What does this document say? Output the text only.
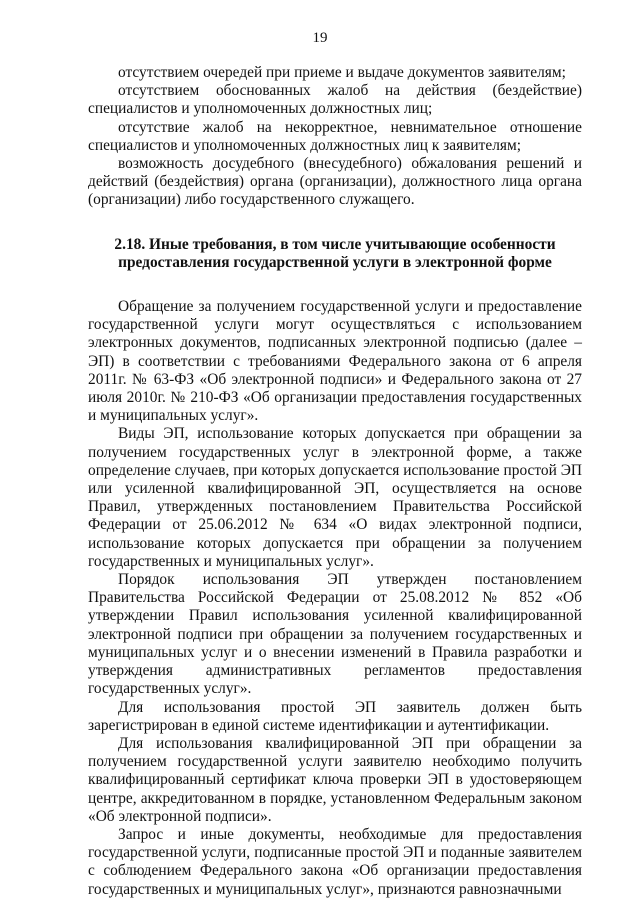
19

отсутствием очередей при приеме и выдаче документов заявителям;

отсутствием обоснованных жалоб на действия (бездействие) специалистов и уполномоченных должностных лиц;

отсутствие жалоб на некорректное, невнимательное отношение специалистов и уполномоченных должностных лиц к заявителям;

возможность досудебного (внесудебного) обжалования решений и действий (бездействия) органа (организации), должностного лица органа (организации) либо государственного служащего.

2.18. Иные требования, в том числе учитывающие особенности
предоставления государственной услуги в электронной форме

Обращение за получением государственной услуги и предоставление государственной услуги могут осуществляться с использованием электронных документов, подписанных электронной подписью (далее – ЭП) в соответствии с требованиями Федерального закона от 6 апреля 2011г. № 63-ФЗ «Об электронной подписи» и Федерального закона от 27 июля 2010г. № 210-ФЗ «Об организации предоставления государственных и муниципальных услуг».

Виды ЭП, использование которых допускается при обращении за получением государственных услуг в электронной форме, а также определение случаев, при которых допускается использование простой ЭП или усиленной квалифицированной ЭП, осуществляется на основе Правил, утвержденных постановлением Правительства Российской Федерации от 25.06.2012 № 634 «О видах электронной подписи, использование которых допускается при обращении за получением государственных и муниципальных услуг».

Порядок использования ЭП утвержден постановлением Правительства Российской Федерации от 25.08.2012 № 852 «Об утверждении Правил использования усиленной квалифицированной электронной подписи при обращении за получением государственных и муниципальных услуг и о внесении изменений в Правила разработки и утверждения административных регламентов предоставления государственных услуг».

Для использования простой ЭП заявитель должен быть зарегистрирован в единой системе идентификации и аутентификации.

Для использования квалифицированной ЭП при обращении за получением государственной услуги заявителю необходимо получить квалифицированный сертификат ключа проверки ЭП в удостоверяющем центре, аккредитованном в порядке, установленном Федеральным законом «Об электронной подписи».

Запрос и иные документы, необходимые для предоставления государственной услуги, подписанные простой ЭП и поданные заявителем с соблюдением Федерального закона «Об организации предоставления государственных и муниципальных услуг», признаются равнозначными
